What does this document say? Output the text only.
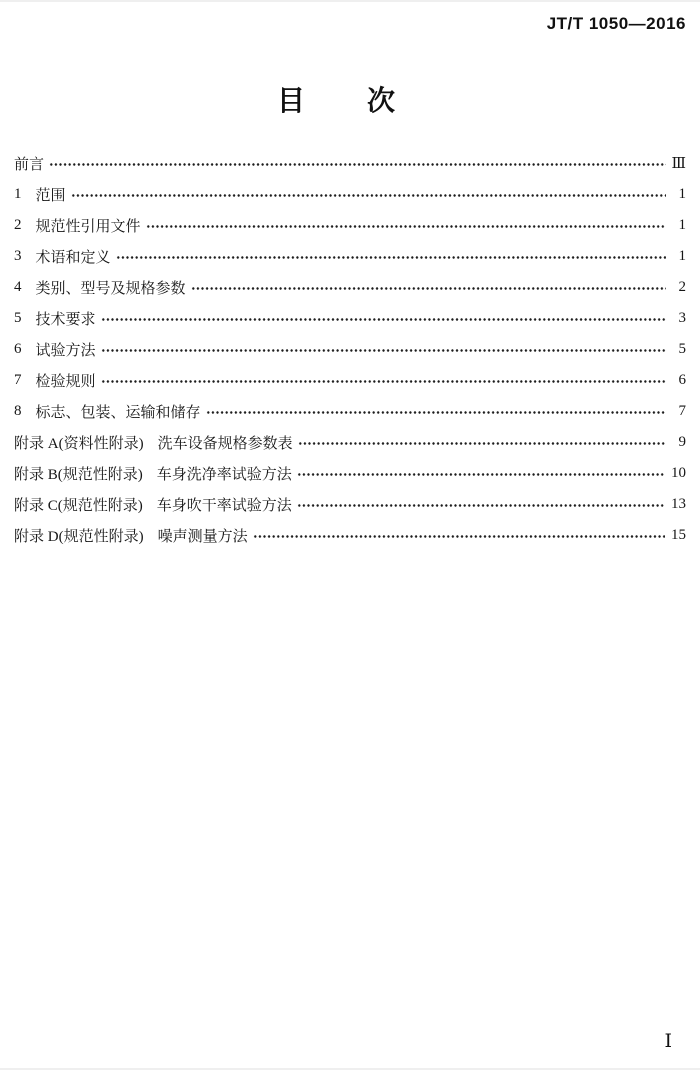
JT/T 1050—2016
目　　次
前言	Ⅲ
1 范围	1
2 规范性引用文件	1
3 术语和定义	1
4 类别、型号及规格参数	2
5 技术要求	3
6 试验方法	5
7 检验规则	6
8 标志、包装、运输和储存	7
附录 A(资料性附录) 洗车设备规格参数表	9
附录 B(规范性附录) 车身洗净率试验方法	10
附录 C(规范性附录) 车身吹干率试验方法	13
附录 D(规范性附录) 噪声测量方法	15
Ⅰ
